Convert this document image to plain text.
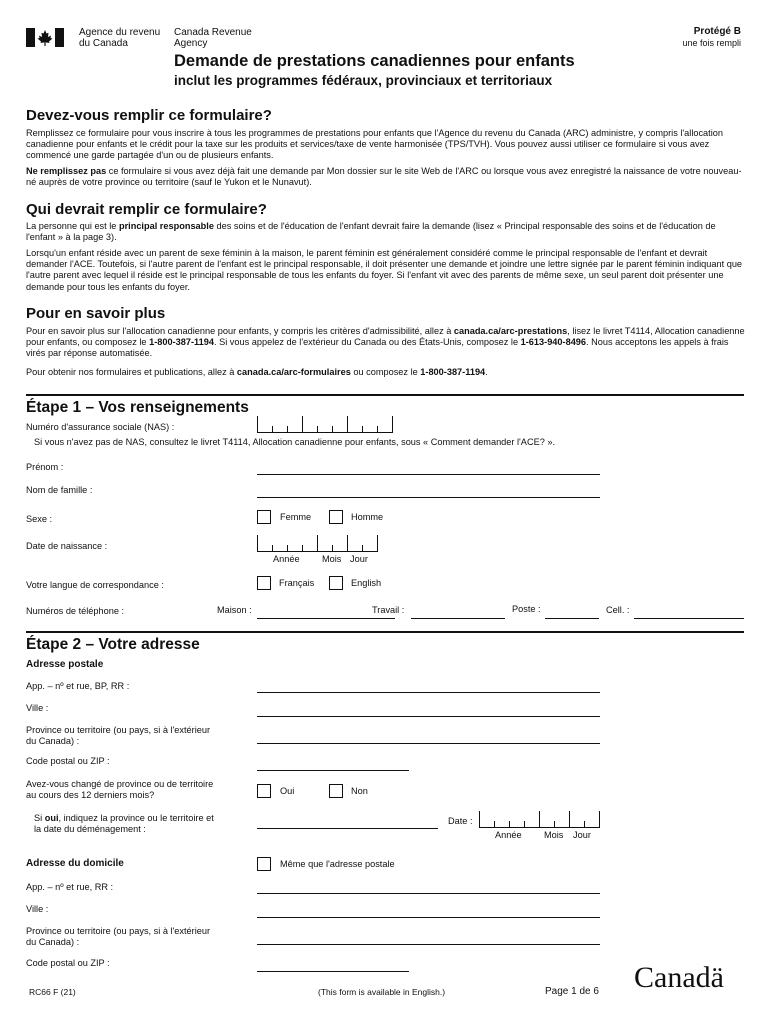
Agence du revenu
du Canada
Canada Revenue
Agency
Protégé B
une fois rempli
Demande de prestations canadiennes pour enfants
inclut les programmes fédéraux, provinciaux et territoriaux
Devez-vous remplir ce formulaire?
Remplissez ce formulaire pour vous inscrire à tous les programmes de prestations pour enfants que l'Agence du revenu du Canada (ARC) administre, y compris l'allocation canadienne pour enfants et le crédit pour la taxe sur les produits et services/taxe de vente harmonisée (TPS/TVH). Vous pouvez aussi utiliser ce formulaire si vous avez commencé une garde partagée d'un ou de plusieurs enfants.
Ne remplissez pas ce formulaire si vous avez déjà fait une demande par Mon dossier sur le site Web de l'ARC ou lorsque vous avez enregistré la naissance de votre nouveau-né auprès de votre province ou territoire (sauf le Yukon et le Nunavut).
Qui devrait remplir ce formulaire?
La personne qui est le principal responsable des soins et de l'éducation de l'enfant devrait faire la demande (lisez « Principal responsable des soins et de l'éducation de l'enfant » à la page 3).
Lorsqu'un enfant réside avec un parent de sexe féminin à la maison, le parent féminin est généralement considéré comme le principal responsable de l'enfant et devrait demander l'ACE. Toutefois, si l'autre parent de l'enfant est le principal responsable, il doit présenter une demande et joindre une lettre signée par le parent féminin indiquant que l'autre parent avec lequel il réside est le principal responsable de tous les enfants du foyer. Si l'enfant vit avec des parents de même sexe, un seul parent doit présenter une demande pour tous les enfants du foyer.
Pour en savoir plus
Pour en savoir plus sur l'allocation canadienne pour enfants, y compris les critères d'admissibilité, allez à canada.ca/arc-prestations, lisez le livret T4114, Allocation canadienne pour enfants, ou composez le 1-800-387-1194. Si vous appelez de l'extérieur du Canada ou des États-Unis, composez le 1-613-940-8496. Nous acceptons les appels à frais virés par réponse automatisée.
Pour obtenir nos formulaires et publications, allez à canada.ca/arc-formulaires ou composez le 1-800-387-1194.
Étape 1 – Vos renseignements
Numéro d'assurance sociale (NAS) :
Si vous n'avez pas de NAS, consultez le livret T4114, Allocation canadienne pour enfants, sous « Comment demander l'ACE? ».
Prénom :
Nom de famille :
Sexe :	Femme	Homme
Date de naissance :
Année Mois Jour
Votre langue de correspondance :	Français	English
Numéros de téléphone :	Maison :	Travail :	Poste :	Cell. :
Étape 2 – Votre adresse
Adresse postale
App. – nº et rue, BP, RR :
Ville :
Province ou territoire (ou pays, si à l'extérieur
du Canada) :
Code postal ou ZIP :
Avez-vous changé de province ou de territoire
au cours des 12 derniers mois?	Oui	Non
Si oui, indiquez la province ou le territoire et
la date du déménagement :
Date :
Année Mois Jour
Adresse du domicile	Même que l'adresse postale
App. – nº et rue, RR :
Ville :
Province ou territoire (ou pays, si à l'extérieur
du Canada) :
Code postal ou ZIP :
RC66 F (21)	(This form is available in English.)	Page 1 de 6 Canadä
